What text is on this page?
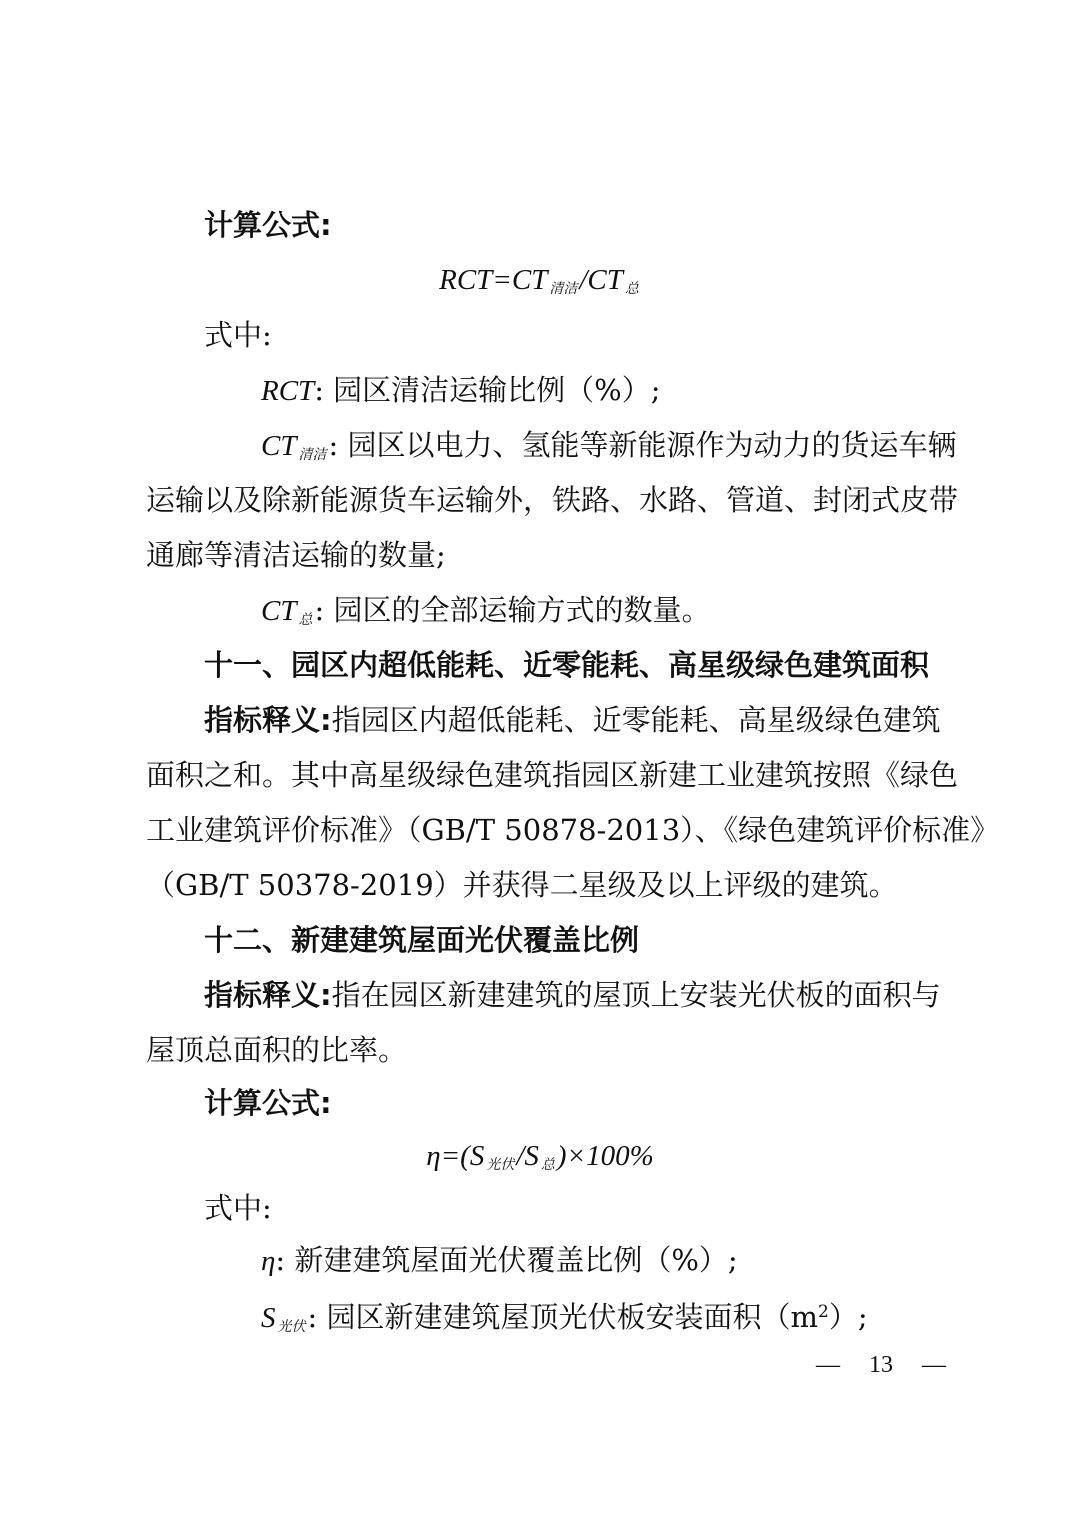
计算公式:
RCT=CT $_{清洁}$/CT $_总$
式中:
RCT: 园区清洁运输比例（%）;
CT $_{清洁}$: 园区以电力、氢能等新能源作为动力的货运车辆
运输以及除新能源货车运输外，铁路、水路、管道、封闭式皮带
通廊等清洁运输的数量;
CT $_总$: 园区的全部运输方式的数量。
十一、园区内超低能耗、近零能耗、高星级绿色建筑面积
指标释义:指园区内超低能耗、近零能耗、高星级绿色建筑
面积之和。其中高星级绿色建筑指园区新建工业建筑按照《绿色
工业建筑评价标准》（GB/T 50878-2013）、《绿色建筑评价标准》
（GB/T 50378-2019）并获得二星级及以上评级的建筑。
十二、新建建筑屋面光伏覆盖比例
指标释义:指在园区新建建筑的屋顶上安装光伏板的面积与
屋顶总面积的比率。
计算公式:
η=(S $_{光伏}$/S $_总$)×100%
式中:
η: 新建建筑屋面光伏覆盖比例（%）;
S $_{光伏}$: 园区新建建筑屋顶光伏板安装面积$(m^2)$;
— 13 —
